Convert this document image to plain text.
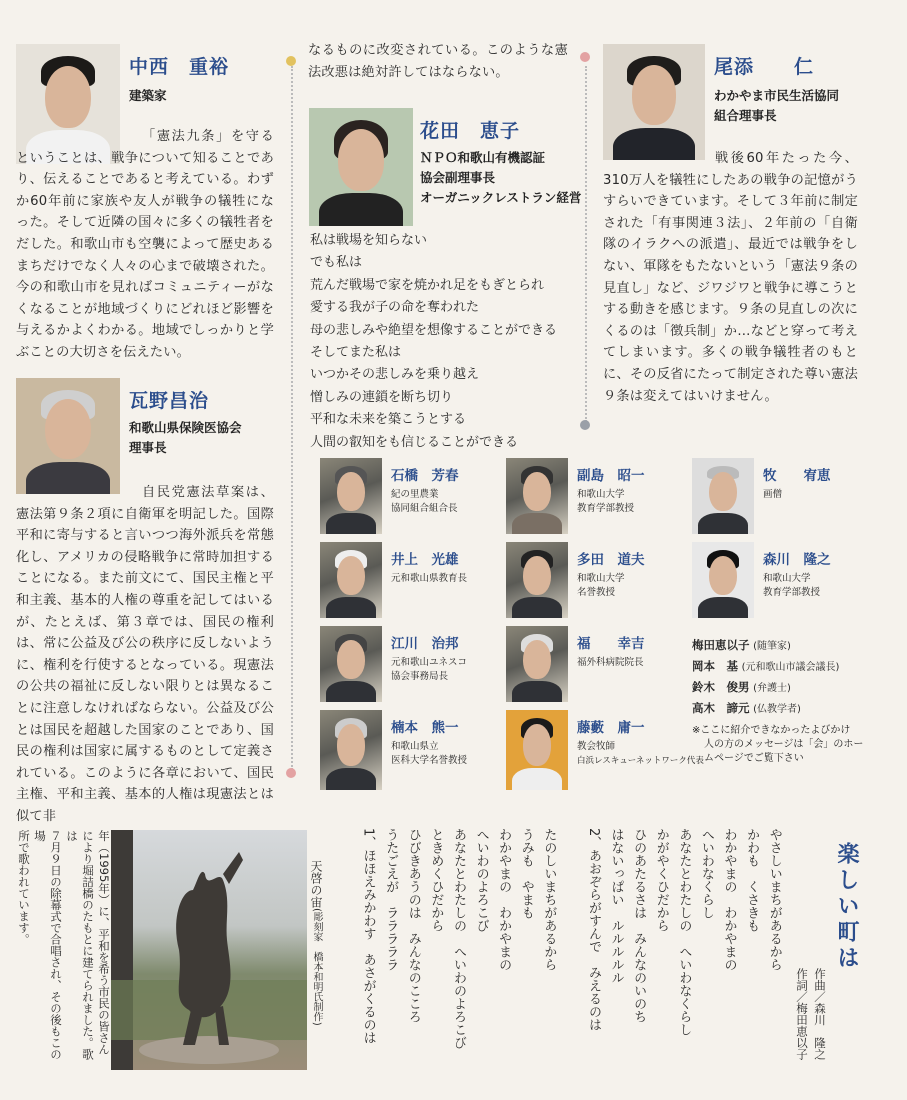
中西　重裕
建築家
「憲法九条」を守るということは、戦争について知ることであり、伝えることであると考えている。わずか60年前に家族や友人が戦争の犠牲になった。そして近隣の国々に多くの犠牲者をだした。和歌山市も空襲によって歴史あるまちだけでなく人々の心まで破壊された。今の和歌山市を見ればコミュニティーがなくなることが地域づくりにどれほど影響を与えるかよくわかる。地域でしっかりと学ぶことの大切さを伝えたい。
瓦野昌治
和歌山県保険医協会
理事長
自民党憲法草案は、憲法第９条２項に自衛軍を明記した。国際平和に寄与すると言いつつ海外派兵を常態化し、アメリカの侵略戦争に常時加担することになる。また前文にて、国民主権と平和主義、基本的人権の尊重を記してはいるが、たとえば、第３章では、国民の権利は、常に公益及び公の秩序に反しないように、権利を行使するとなっている。現憲法の公共の福祉に反しない限りとは異なることに注意しなければならない。公益及び公とは国民を超越した国家のことであり、国民の権利は国家に属するものとして定義されている。このように各章において、国民主権、平和主義、基本的人権は現憲法とは似て非
なるものに改変されている。このような憲法改悪は絶対許してはならない。
花田　恵子
ＮＰＯ和歌山有機認証
協会副理事長
オーガニックレストラン経営
私は戦場を知らない
でも私は
荒んだ戦場で家を焼かれ足をもぎとられ
愛する我が子の命を奪われた
母の悲しみや絶望を想像することができる
そしてまた私は
いつかその悲しみを乗り越え
憎しみの連鎖を断ち切り
平和な未来を築こうとする
人間の叡知をも信じることができる
尾添　　仁
わかやま市民生活協同
組合理事長
戦後60年たった今、310万人を犠牲にしたあの戦争の記憶がうすらいできています。そして３年前に制定された「有事関連３法」、２年前の「自衛隊のイラクへの派遣」、最近では戦争をしない、軍隊をもたないという「憲法９条の見直し」など、ジワジワと戦争に導こうとする動きを感じます。９条の見直しの次にくるのは「徴兵制」か…などと穿って考えてしまいます。多くの戦争犠牲者のもとに、その反省にたって制定された尊い憲法９条は変えてはいけません。
石橋　芳春
紀の里農業
協同組合組合長
井上　光雄
元和歌山県教育長
江川　治邦
元和歌山ユネスコ
協会事務局長
楠本　熊一
和歌山県立
医科大学名誉教授
副島　昭一
和歌山大学
教育学部教授
多田　道夫
和歌山大学
名誉教授
福　　幸吉
福外科病院院長
藤藪　庸一
教会牧師
白浜レスキューネットワーク代表
牧　　宥恵
画僧
森川　隆之
和歌山大学
教育学部教授
梅田恵以子 (随筆家)
岡本　基 (元和歌山市議会議長)
鈴木　俊男 (弁護士)
高木　諦元 (仏教学者)
※ここに紹介できなかったよびかけ
人の方のメッセージは「会」のホー
ムページでご覧下さい
年（1995年）に、平和を希う市民の皆さん
により堀詰橋のたもとに建てられました。歌は
７月９日の除幕式で合唱され、その後もこの場
所で歌われています。	天啓の宙(彫刻家　橋本和明氏制作)	やさしいまちがあるから
かわも　くさきも
わかやまの　わかやまの
へいわなくらし
あなたとわたしの　へいわなくらし
かがやくひだから
ひのあたるさは　みんなのいのち
はないっぱい　ルルルルル
2、あおぞらがすんで　みえるのは
たのしいまちがあるから
うみも　やまも
わかやまの　わかやまの
へいわのよろこび
あなたとわたしの　へいわのよろこび
ときめくひだから
ひびきあうのは　みんなのこころ
うたごえが　ラララララ
1、ほほえみかわす　あさがくるのは	作曲／森川　隆之
作詞／梅田恵以子
楽しい町は
